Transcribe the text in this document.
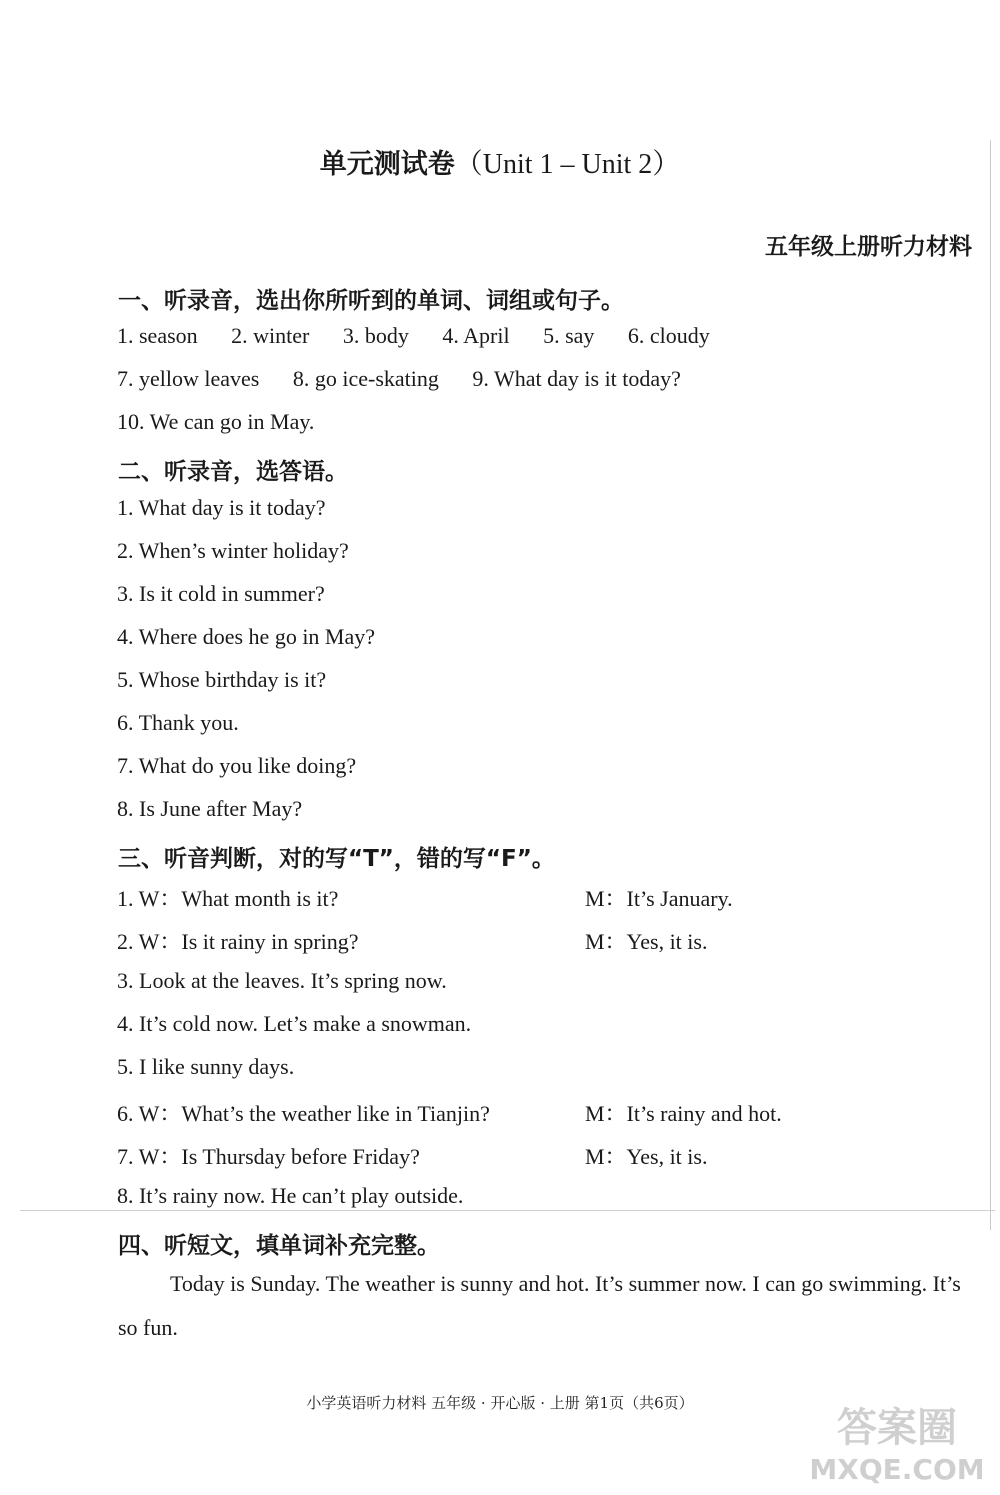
单元测试卷（Unit 1 – Unit 2）
五年级上册听力材料
一、听录音，选出你所听到的单词、词组或句子。
1. season 2. winter 3. body 4. April 5. say 6. cloudy
7. yellow leaves 8. go ice-skating 9. What day is it today?
10. We can go in May.
二、听录音，选答语。
1. What day is it today?
2. When’s winter holiday?
3. Is it cold in summer?
4. Where does he go in May?
5. Whose birthday is it?
6. Thank you.
7. What do you like doing?
8. Is June after May?
三、听音判断，对的写“T”，错的写“F”。
1. W：What month is it?	M：It’s January.
2. W：Is it rainy in spring?	M：Yes, it is.
3. Look at the leaves. It’s spring now.
4. It’s cold now. Let’s make a snowman.
5. I like sunny days.
6. W：What’s the weather like in Tianjin?	M：It’s rainy and hot.
7. W：Is Thursday before Friday?	M：Yes, it is.
8. It’s rainy now. He can’t play outside.
四、听短文，填单词补充完整。
Today is Sunday. The weather is sunny and hot. It’s summer now. I can go swimming. It’s so fun.
小学英语听力材料 五年级 · 开心版 · 上册 第1页（共6页）
答案圈
MXQE.COM
